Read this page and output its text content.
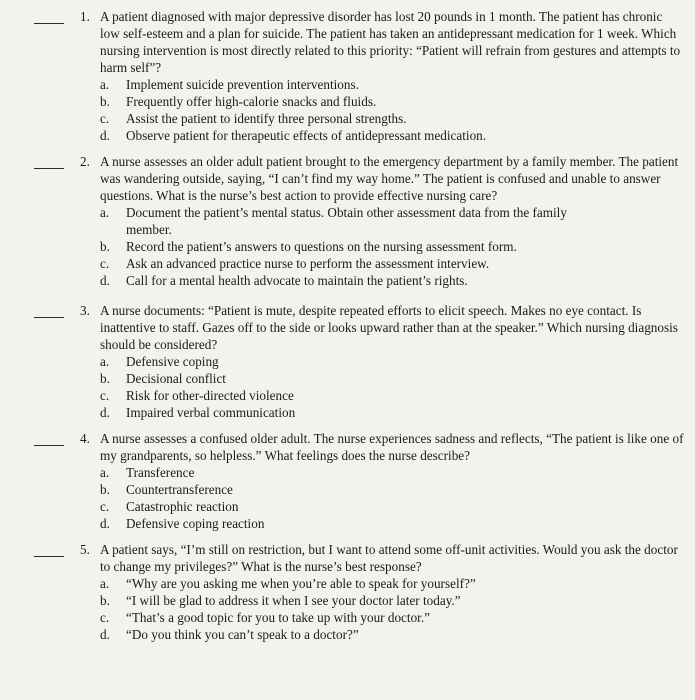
1. A patient diagnosed with major depressive disorder has lost 20 pounds in 1 month. The patient has chronic low self-esteem and a plan for suicide. The patient has taken an antidepressant medication for 1 week. Which nursing intervention is most directly related to this priority: “Patient will refrain from gestures and attempts to harm self”?

a.	Implement suicide prevention interventions.
b.	Frequently offer high-calorie snacks and fluids.
c.	Assist the patient to identify three personal strengths.
d.	Observe patient for therapeutic effects of antidepressant medication.
2. A nurse assesses an older adult patient brought to the emergency department by a family member. The patient was wandering outside, saying, “I can’t find my way home.” The patient is confused and unable to answer questions. What is the nurse’s best action to provide effective nursing care?

a.	Document the patient’s mental status. Obtain other assessment data from the family member.
b.	Record the patient’s answers to questions on the nursing assessment form.
c.	Ask an advanced practice nurse to perform the assessment interview.
d.	Call for a mental health advocate to maintain the patient’s rights.
3. A nurse documents: “Patient is mute, despite repeated efforts to elicit speech. Makes no eye contact. Is inattentive to staff. Gazes off to the side or looks upward rather than at the speaker.” Which nursing diagnosis should be considered?

a.	Defensive coping
b.	Decisional conflict
c.	Risk for other-directed violence
d.	Impaired verbal communication
4. A nurse assesses a confused older adult. The nurse experiences sadness and reflects, “The patient is like one of my grandparents, so helpless.” What feelings does the nurse describe?

a.	Transference
b.	Countertransference
c.	Catastrophic reaction
d.	Defensive coping reaction
5. A patient says, “I’m still on restriction, but I want to attend some off-unit activities. Would you ask the doctor to change my privileges?” What is the nurse’s best response?

a.	“Why are you asking me when you’re able to speak for yourself?”
b.	“I will be glad to address it when I see your doctor later today.”
c.	“That’s a good topic for you to take up with your doctor.”
d.	“Do you think you can’t speak to a doctor?”
